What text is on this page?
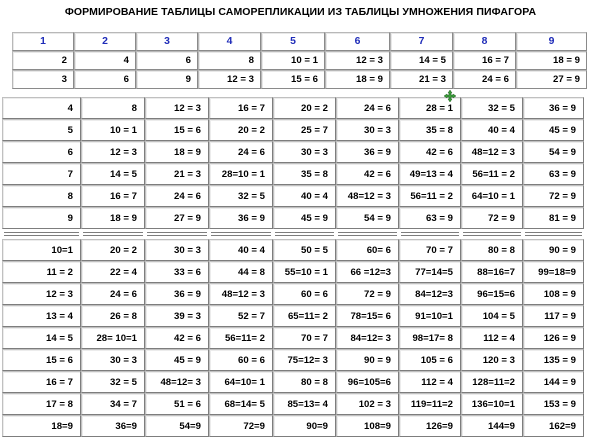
ФОРМИРОВАНИЕ ТАБЛИЦЫ САМОРЕПЛИКАЦИИ ИЗ ТАБЛИЦЫ УМНОЖЕНИЯ ПИФАГОРА
1	2	3	4	5	6	7	8	9
2	4	6	8	10 = 1	12 = 3	14 = 5	16 = 7	18 = 9
3	6	9	12 = 3	15 = 6	18 = 9	21 = 3	24 = 6	27 = 9
4	8	12 = 3	16 = 7	20 = 2	24 = 6	28 = 1	32 = 5	36 = 9
5	10 = 1	15 = 6	20 = 2	25 = 7	30 = 3	35 = 8	40 = 4	45 = 9
6	12 = 3	18 = 9	24 = 6	30 = 3	36 = 9	42 = 6	48=12 = 3	54 = 9
7	14 = 5	21 = 3	28=10 = 1	35 = 8	42 = 6	49=13 = 4	56=11 = 2	63 = 9
8	16 = 7	24 = 6	32 = 5	40 = 4	48=12 = 3	56=11 = 2	64=10 = 1	72 = 9
9	18 = 9	27 = 9	36 = 9	45 = 9	54 = 9	63 = 9	72 = 9	81 = 9

10=1	20 = 2	30 = 3	40 = 4	50 = 5	60= 6	70 = 7	80 = 8	90 = 9
11 = 2	22 = 4	33 = 6	44 = 8	55=10 = 1	66 =12=3	77=14=5	88=16=7	99=18=9
12 = 3	24 = 6	36 = 9	48=12 = 3	60 = 6	72 = 9	84=12=3	96=15=6	108 = 9
13 = 4	26 = 8	39 = 3	52 = 7	65=11= 2	78=15= 6	91=10=1	104 = 5	117 = 9
14 = 5	28= 10=1	42 = 6	56=11= 2	70 = 7	84=12= 3	98=17= 8	112 = 4	126 = 9
15 = 6	30 = 3	45 = 9	60 = 6	75=12= 3	90 = 9	105 = 6	120 = 3	135 = 9
16 = 7	32 = 5	48=12= 3	64=10= 1	80 = 8	96=105=6	112 = 4	128=11=2	144 = 9
17 = 8	34 = 7	51 = 6	68=14= 5	85=13= 4	102 = 3	119=11=2	136=10=1	153 = 9
18=9	36=9	54=9	72=9	90=9	108=9	126=9	144=9	162=9
